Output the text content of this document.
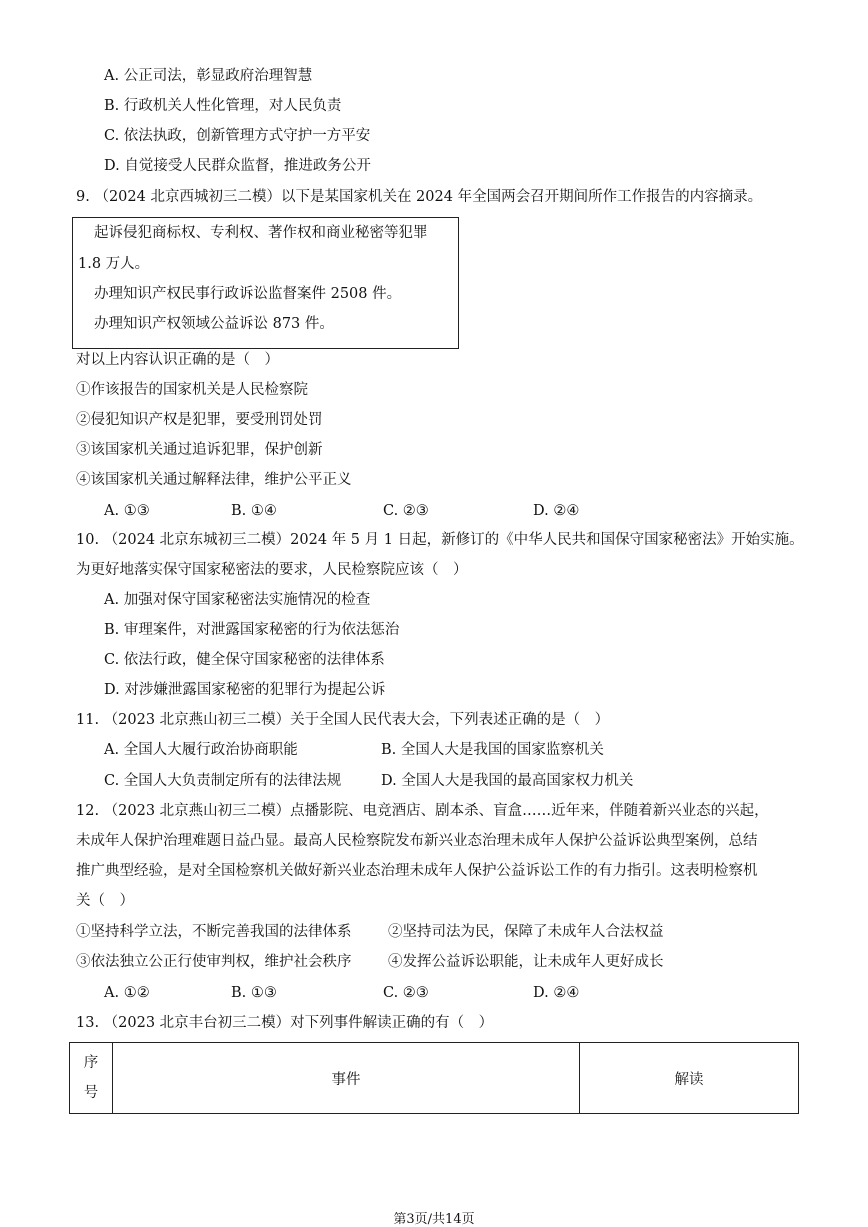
A. 公正司法，彰显政府治理智慧
B. 行政机关人性化管理，对人民负责
C. 依法执政，创新管理方式守护一方平安
D. 自觉接受人民群众监督，推进政务公开
9. （2024 北京西城初三二模）以下是某国家机关在 2024 年全国两会召开期间所作工作报告的内容摘录。
起诉侵犯商标权、专利权、著作权和商业秘密等犯罪
1.8 万人。
办理知识产权民事行政诉讼监督案件 2508 件。
办理知识产权领域公益诉讼 873 件。
对以上内容认识正确的是（　）
①作该报告的国家机关是人民检察院
②侵犯知识产权是犯罪，要受刑罚处罚
③该国家机关通过追诉犯罪，保护创新
④该国家机关通过解释法律，维护公平正义
A. ①③	B. ①④	C. ②③	D. ②④
10. （2024 北京东城初三二模）2024 年 5 月 1 日起，新修订的《中华人民共和国保守国家秘密法》开始实施。
为更好地落实保守国家秘密法的要求，人民检察院应该（　）
A. 加强对保守国家秘密法实施情况的检查
B. 审理案件，对泄露国家秘密的行为依法惩治
C. 依法行政，健全保守国家秘密的法律体系
D. 对涉嫌泄露国家秘密的犯罪行为提起公诉
11. （2023 北京燕山初三二模）关于全国人民代表大会，下列表述正确的是（　）
A. 全国人大履行政治协商职能	B. 全国人大是我国的国家监察机关
C. 全国人大负责制定所有的法律法规	D. 全国人大是我国的最高国家权力机关
12. （2023 北京燕山初三二模）点播影院、电竞酒店、剧本杀、盲盒……近年来，伴随着新兴业态的兴起，
未成年人保护治理难题日益凸显。最高人民检察院发布新兴业态治理未成年人保护公益诉讼典型案例，总结
推广典型经验，是对全国检察机关做好新兴业态治理未成年人保护公益诉讼工作的有力指引。这表明检察机
关（　）
①坚持科学立法，不断完善我国的法律体系	②坚持司法为民，保障了未成年人合法权益
③依法独立公正行使审判权，维护社会秩序	④发挥公益诉讼职能，让未成年人更好成长
A. ①②	B. ①③	C. ②③	D. ②④
13. （2023 北京丰台初三二模）对下列事件解读正确的有（　）
序
号	事件	解读
第3页/共14页
